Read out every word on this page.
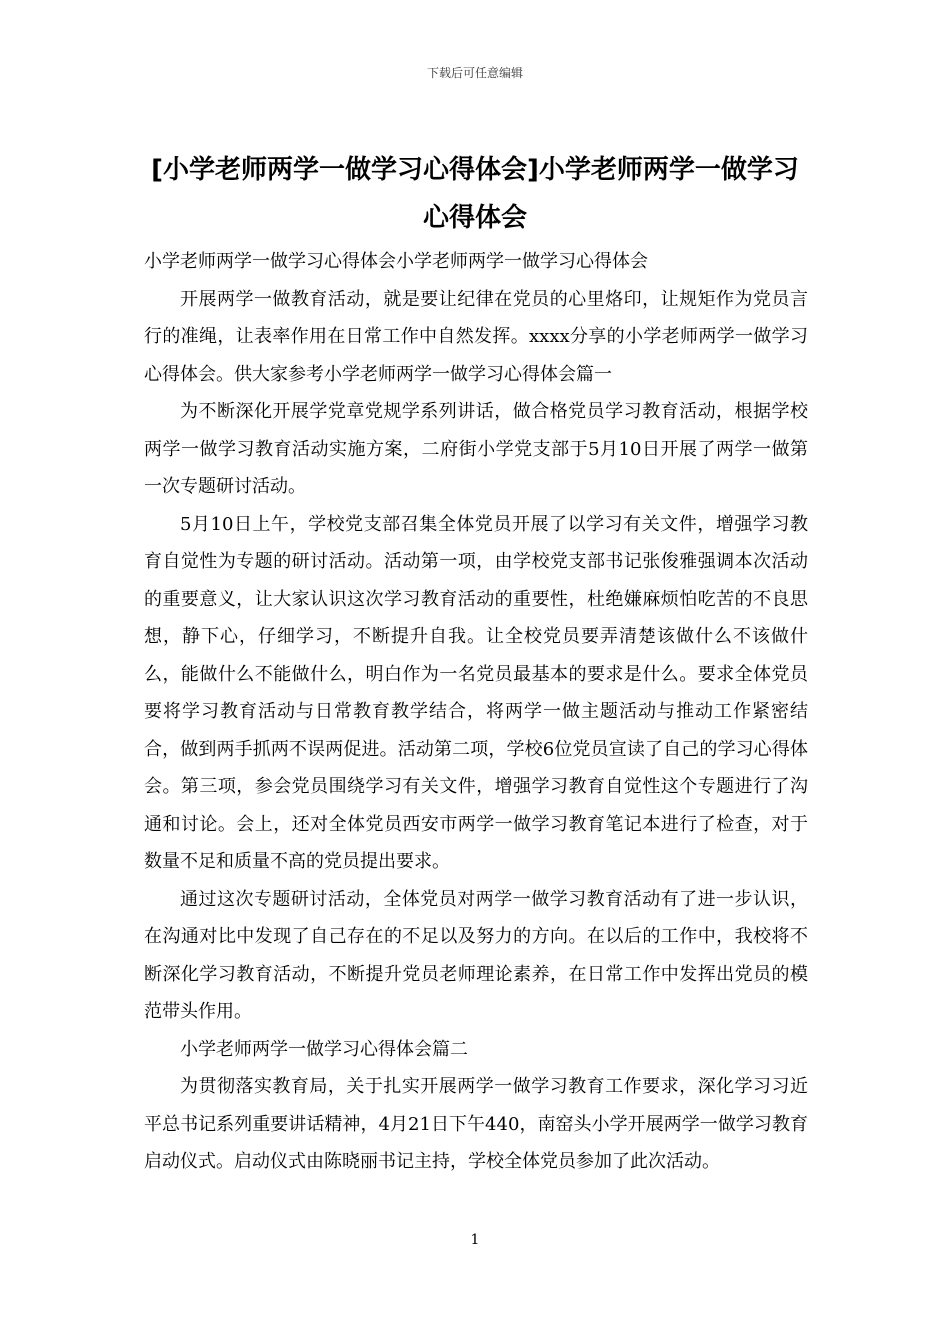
下载后可任意编辑
[小学老师两学一做学习心得体会]小学老师两学一做学习心得体会

小学老师两学一做学习心得体会小学老师两学一做学习心得体会

开展两学一做教育活动，就是要让纪律在党员的心里烙印，让规矩作为党员言行的准绳，让表率作用在日常工作中自然发挥。xxxx分享的小学老师两学一做学习心得体会。供大家参考小学老师两学一做学习心得体会篇一

为不断深化开展学党章党规学系列讲话，做合格党员学习教育活动，根据学校两学一做学习教育活动实施方案，二府街小学党支部于5月10日开展了两学一做第一次专题研讨活动。

5月10日上午，学校党支部召集全体党员开展了以学习有关文件，增强学习教育自觉性为专题的研讨活动。活动第一项，由学校党支部书记张俊雅强调本次活动的重要意义，让大家认识这次学习教育活动的重要性，杜绝嫌麻烦怕吃苦的不良思想，静下心，仔细学习，不断提升自我。让全校党员要弄清楚该做什么不该做什么，能做什么不能做什么，明白作为一名党员最基本的要求是什么。要求全体党员要将学习教育活动与日常教育教学结合，将两学一做主题活动与推动工作紧密结合，做到两手抓两不误两促进。活动第二项，学校6位党员宣读了自己的学习心得体会。第三项，参会党员围绕学习有关文件，增强学习教育自觉性这个专题进行了沟通和讨论。会上，还对全体党员西安市两学一做学习教育笔记本进行了检查，对于数量不足和质量不高的党员提出要求。

通过这次专题研讨活动，全体党员对两学一做学习教育活动有了进一步认识，在沟通对比中发现了自己存在的不足以及努力的方向。在以后的工作中，我校将不断深化学习教育活动，不断提升党员老师理论素养，在日常工作中发挥出党员的模范带头作用。

小学老师两学一做学习心得体会篇二

为贯彻落实教育局，关于扎实开展两学一做学习教育工作要求，深化学习习近平总书记系列重要讲话精神，4月21日下午440，南窑头小学开展两学一做学习教育启动仪式。启动仪式由陈晓丽书记主持，学校全体党员参加了此次活动。

1
